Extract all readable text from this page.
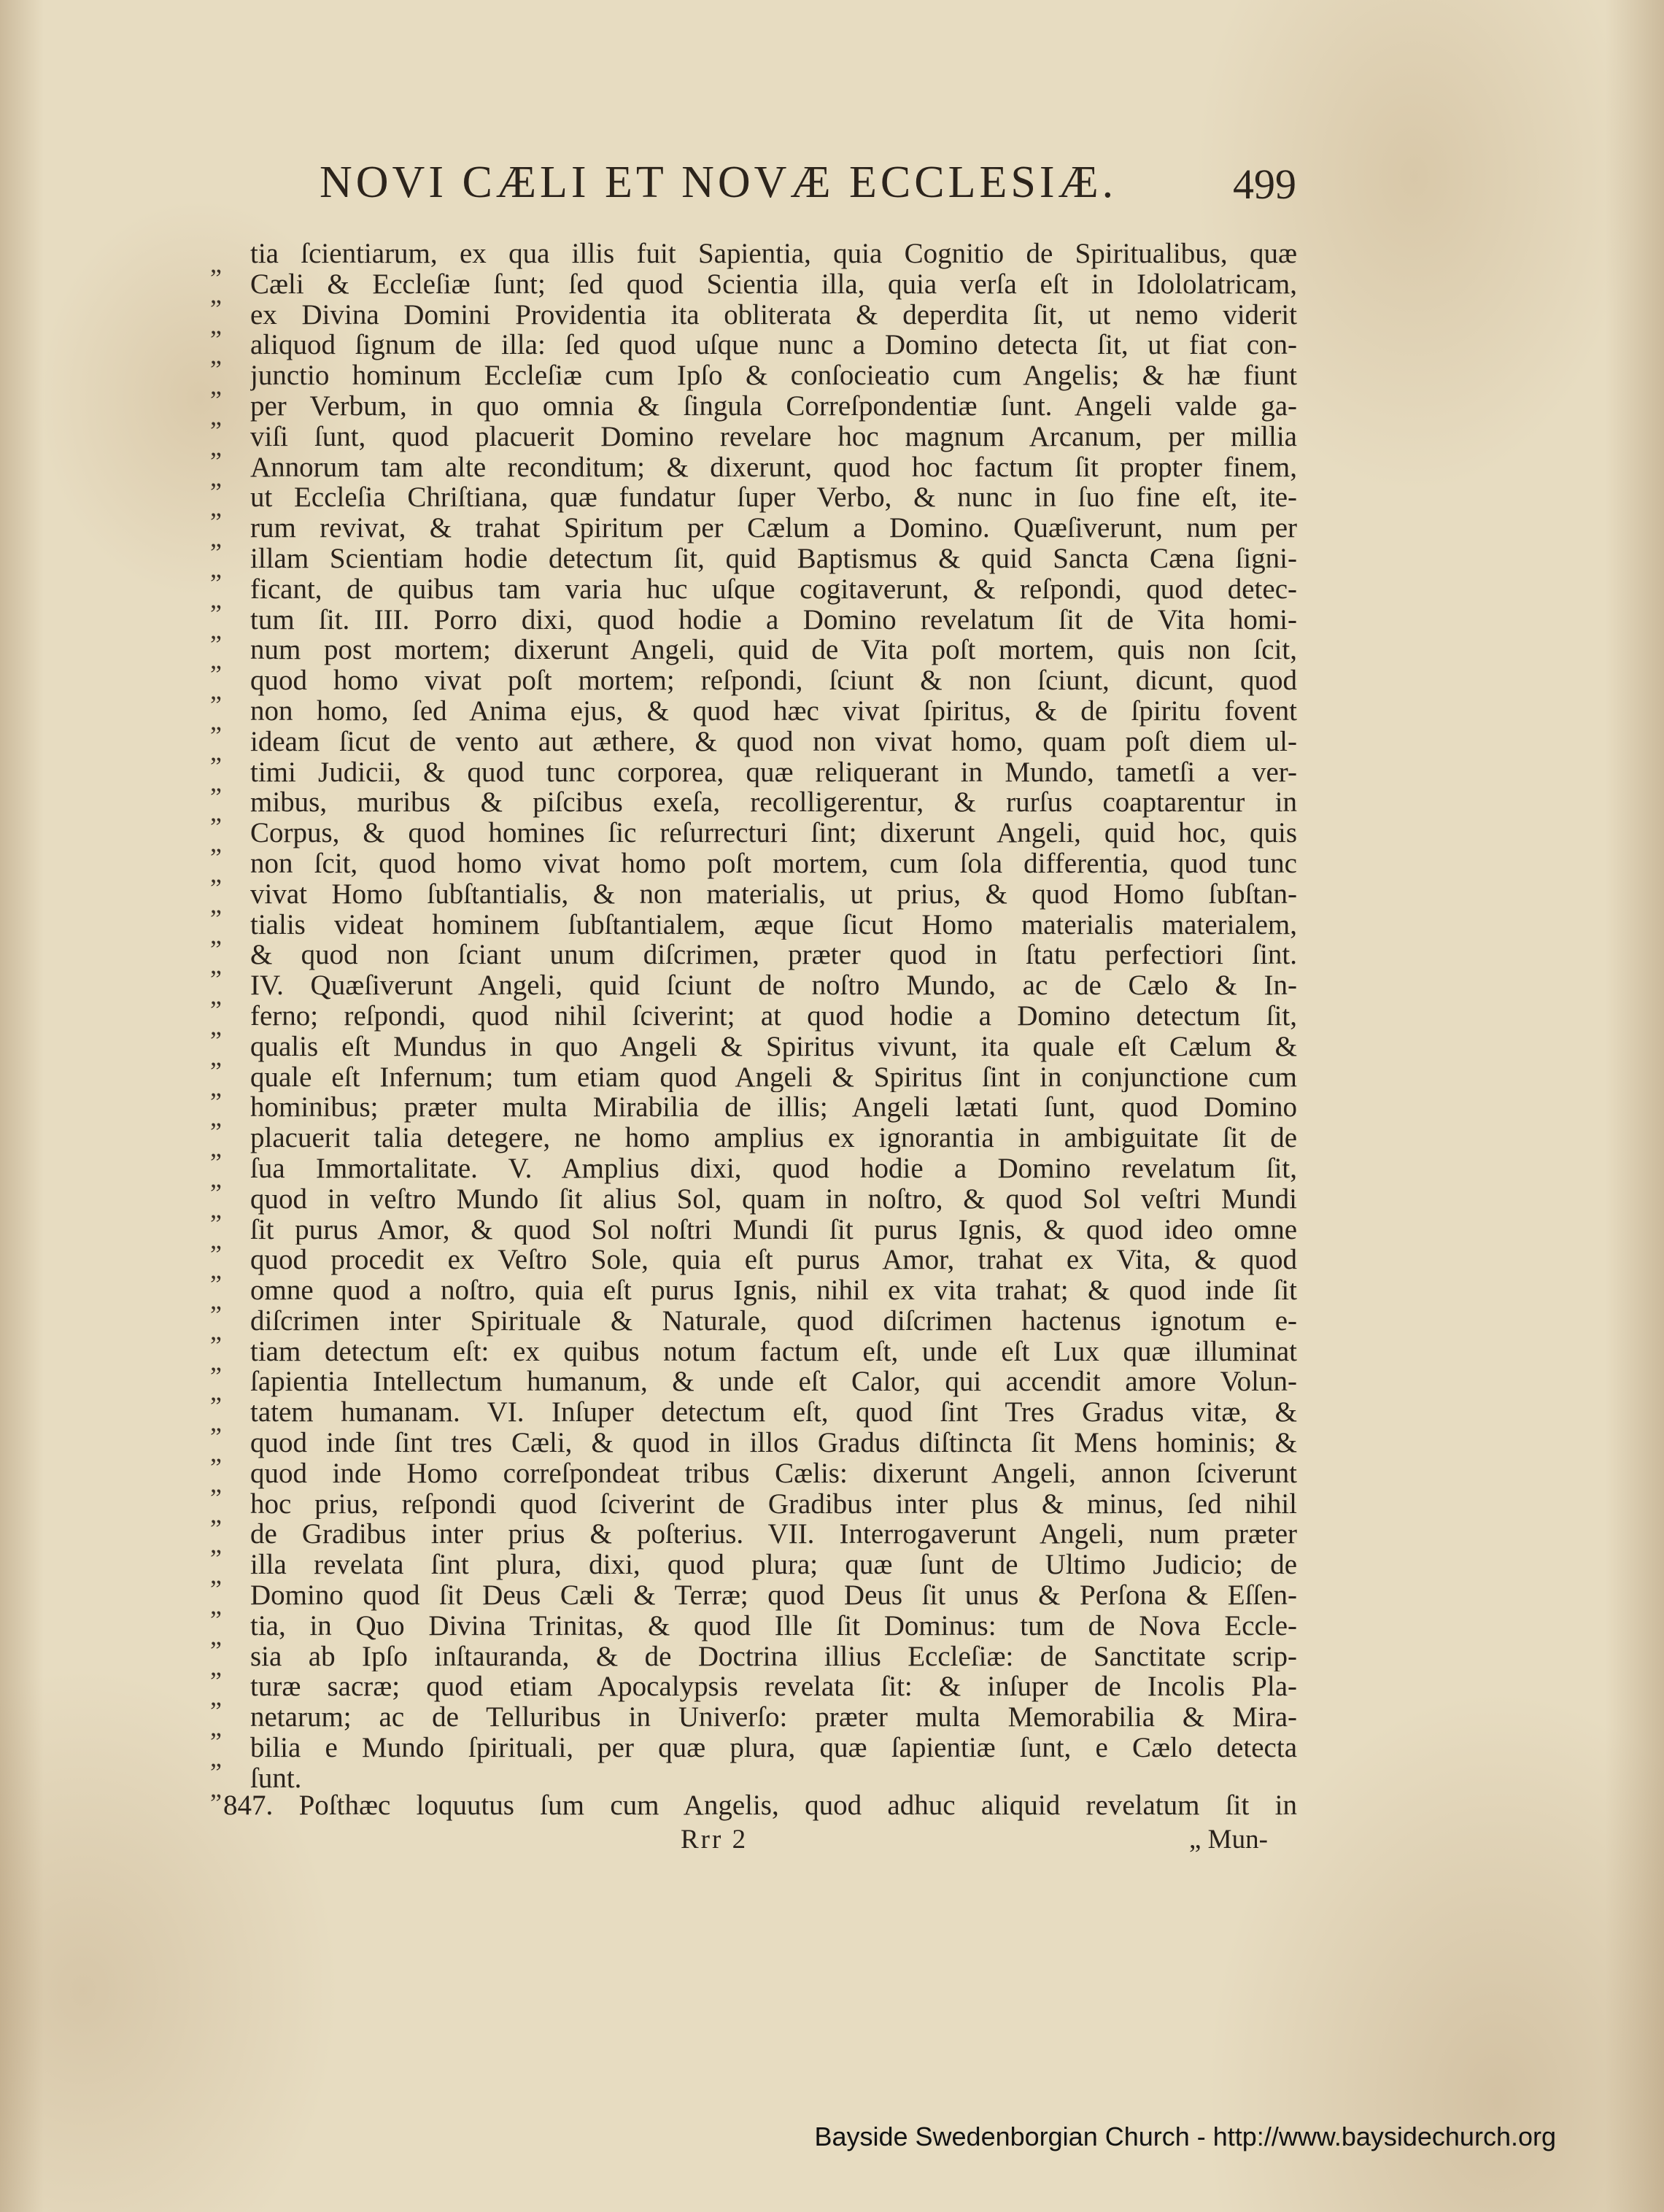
NOVI CÆLI ET NOVÆ ECCLESIÆ.	499
„
„
„
„
„
„
„
„
„
„
„
„
„
„
„
„
„
„
„
„
„
„
„
„
„
„
„
„
„
„
„
„
„
„
„
„
„
„
„
„
„
„
„
„
„
„
„
„
„
„
„
tia ſcientiarum, ex qua illis fuit Sapientia, quia Cognitio de Spiritualibus, quæ
Cæli & Eccleſiæ ſunt; ſed quod Scientia illa, quia verſa eſt in Idololatricam,
ex Divina Domini Providentia ita obliterata & deperdita ſit, ut nemo viderit
aliquod ſignum de illa: ſed quod uſque nunc a Domino detecta ſit, ut fiat con-
junctio hominum Eccleſiæ cum Ipſo & conſocieatio cum Angelis; & hæ fiunt
per Verbum, in quo omnia & ſingula Correſpondentiæ ſunt. Angeli valde ga-
viſi ſunt, quod placuerit Domino revelare hoc magnum Arcanum, per millia
Annorum tam alte reconditum; & dixerunt, quod hoc factum ſit propter finem,
ut Eccleſia Chriſtiana, quæ fundatur ſuper Verbo, & nunc in ſuo fine eſt, ite-
rum revivat, & trahat Spiritum per Cælum a Domino. Quæſiverunt, num per
illam Scientiam hodie detectum ſit, quid Baptismus & quid Sancta Cæna ſigni-
ficant, de quibus tam varia huc uſque cogitaverunt, & reſpondi, quod detec-
tum ſit. III. Porro dixi, quod hodie a Domino revelatum ſit de Vita homi-
num post mortem; dixerunt Angeli, quid de Vita poſt mortem, quis non ſcit,
quod homo vivat poſt mortem; reſpondi, ſciunt & non ſciunt, dicunt, quod
non homo, ſed Anima ejus, & quod hæc vivat ſpiritus, & de ſpiritu fovent
ideam ſicut de vento aut æthere, & quod non vivat homo, quam poſt diem ul-
timi Judicii, & quod tunc corporea, quæ reliquerant in Mundo, tametſi a ver-
mibus, muribus & piſcibus exeſa, recolligerentur, & rurſus coaptarentur in
Corpus, & quod homines ſic reſurrecturi ſint; dixerunt Angeli, quid hoc, quis
non ſcit, quod homo vivat homo poſt mortem, cum ſola differentia, quod tunc
vivat Homo ſubſtantialis, & non materialis, ut prius, & quod Homo ſubſtan-
tialis videat hominem ſubſtantialem, æque ſicut Homo materialis materialem,
& quod non ſciant unum diſcrimen, præter quod in ſtatu perfectiori ſint.
IV. Quæſiverunt Angeli, quid ſciunt de noſtro Mundo, ac de Cælo & In-
ferno; reſpondi, quod nihil ſciverint; at quod hodie a Domino detectum ſit,
qualis eſt Mundus in quo Angeli & Spiritus vivunt, ita quale eſt Cælum &
quale eſt Infernum; tum etiam quod Angeli & Spiritus ſint in conjunctione cum
hominibus; præter multa Mirabilia de illis; Angeli lætati ſunt, quod Domino
placuerit talia detegere, ne homo amplius ex ignorantia in ambiguitate ſit de
ſua Immortalitate. V. Amplius dixi, quod hodie a Domino revelatum ſit,
quod in veſtro Mundo ſit alius Sol, quam in noſtro, & quod Sol veſtri Mundi
ſit purus Amor, & quod Sol noſtri Mundi ſit purus Ignis, & quod ideo omne
quod procedit ex Veſtro Sole, quia eſt purus Amor, trahat ex Vita, & quod
omne quod a noſtro, quia eſt purus Ignis, nihil ex vita trahat; & quod inde ſit
diſcrimen inter Spirituale & Naturale, quod diſcrimen hactenus ignotum e-
tiam detectum eſt: ex quibus notum factum eſt, unde eſt Lux quæ illuminat
ſapientia Intellectum humanum, & unde eſt Calor, qui accendit amore Volun-
tatem humanam. VI. Inſuper detectum eſt, quod ſint Tres Gradus vitæ, &
quod inde ſint tres Cæli, & quod in illos Gradus diſtincta ſit Mens hominis; &
quod inde Homo correſpondeat tribus Cælis: dixerunt Angeli, annon ſciverunt
hoc prius, reſpondi quod ſciverint de Gradibus inter plus & minus, ſed nihil
de Gradibus inter prius & poſterius. VII. Interrogaverunt Angeli, num præter
illa revelata ſint plura, dixi, quod plura; quæ ſunt de Ultimo Judicio; de
Domino quod ſit Deus Cæli & Terræ; quod Deus ſit unus & Perſona & Eſſen-
tia, in Quo Divina Trinitas, & quod Ille ſit Dominus: tum de Nova Eccle-
sia ab Ipſo inſtauranda, & de Doctrina illius Eccleſiæ: de Sanctitate scrip-
turæ sacræ; quod etiam Apocalypsis revelata ſit: & inſuper de Incolis Pla-
netarum; ac de Telluribus in Univerſo: præter multa Memorabilia & Mira-
bilia e Mundo ſpirituali, per quæ plura, quæ ſapientiæ ſunt, e Cælo detecta
ſunt.
847. Poſthæc loquutus ſum cum Angelis, quod adhuc aliquid revelatum ſit in
Rrr 2	„ Mun-
Bayside Swedenborgian Church - http://www.baysidechurch.org
